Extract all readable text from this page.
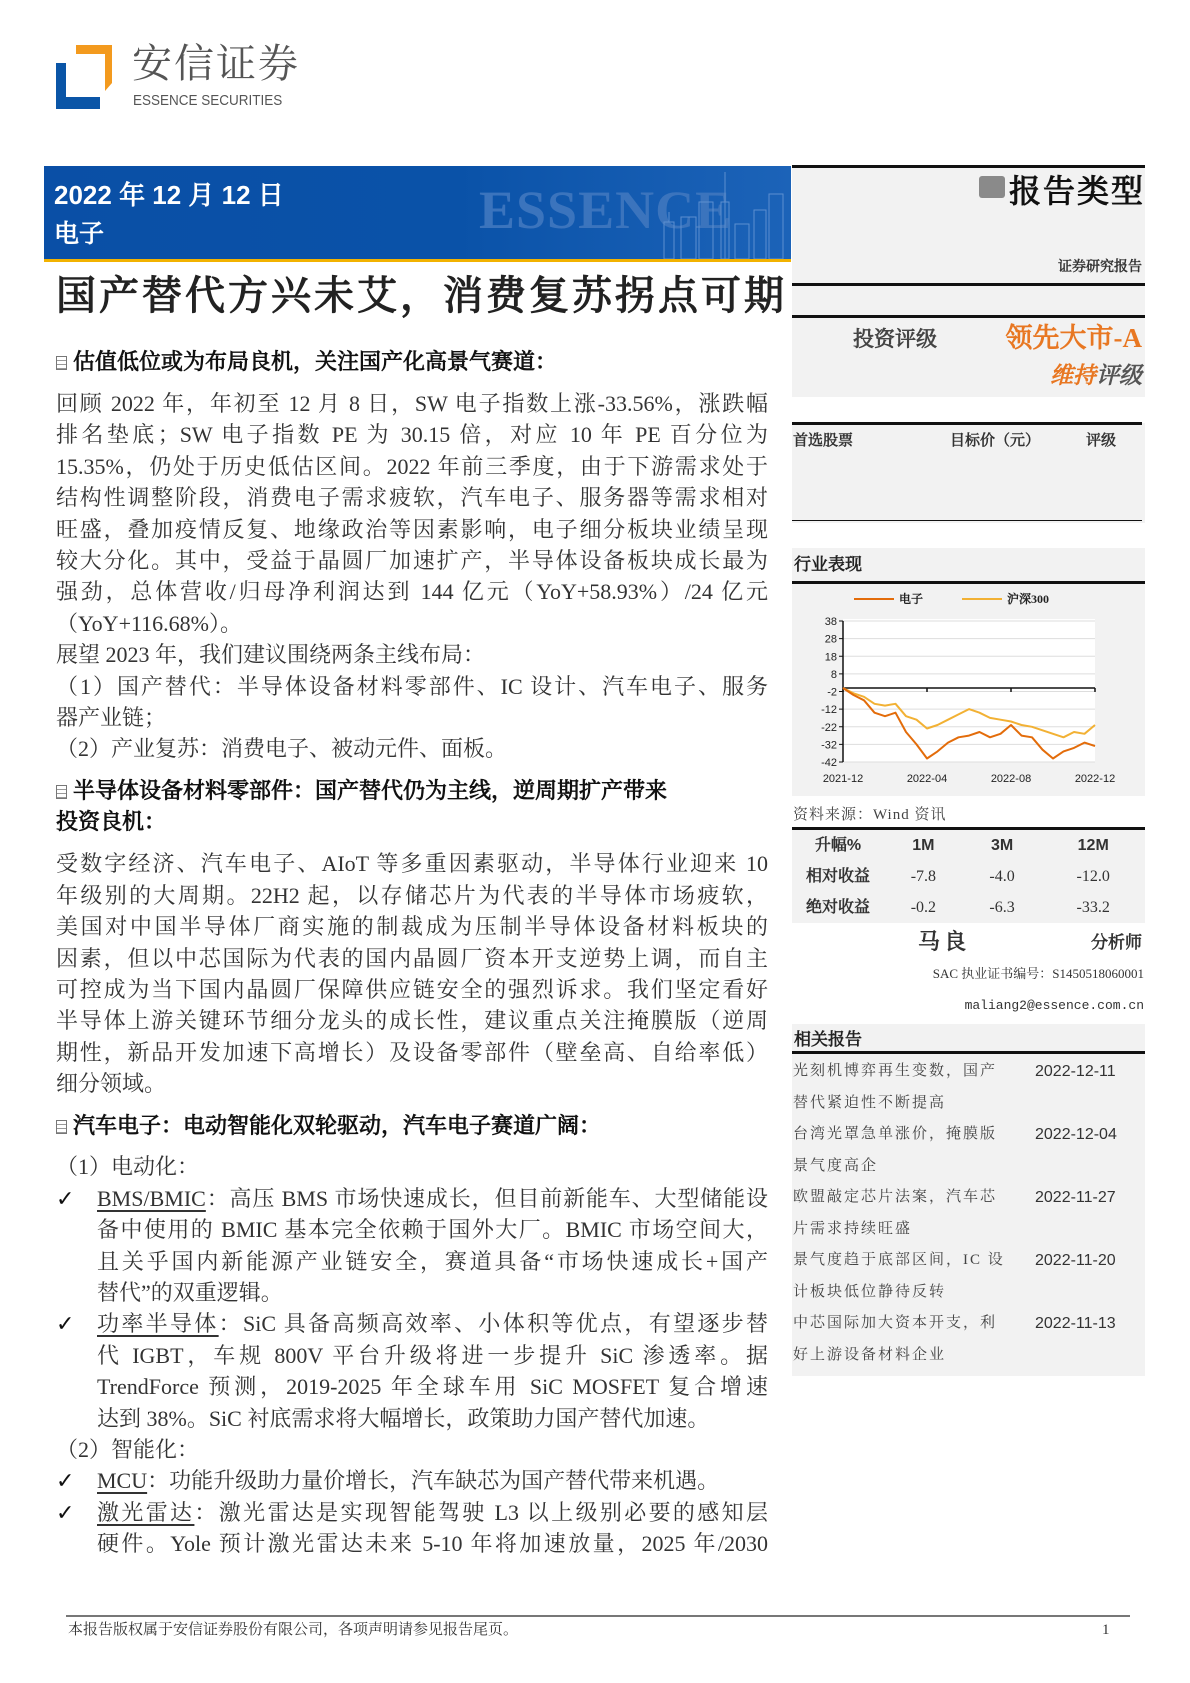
安信证券
ESSENCE SECURITIES
2022 年 12 月 12 日
电子	ESSENCE
国产替代方兴未艾，消费复苏拐点可期
估值低位或为布局良机，关注国产化高景气赛道：
回顾 2022 年，年初至 12 月 8 日，SW 电子指数上涨-33.56%，涨跌幅
排名垫底；SW 电子指数 PE 为 30.15 倍，对应 10 年 PE 百分位为
15.35%，仍处于历史低估区间。2022 年前三季度，由于下游需求处于
结构性调整阶段，消费电子需求疲软，汽车电子、服务器等需求相对
旺盛，叠加疫情反复、地缘政治等因素影响，电子细分板块业绩呈现
较大分化。其中，受益于晶圆厂加速扩产，半导体设备板块成长最为
强劲，总体营收/归母净利润达到 144 亿元（YoY+58.93%）/24 亿元
（YoY+116.68%）。
展望 2023 年，我们建议围绕两条主线布局：
（1）国产替代：半导体设备材料零部件、IC 设计、汽车电子、服务
器产业链；
（2）产业复苏：消费电子、被动元件、面板。
半导体设备材料零部件：国产替代仍为主线，逆周期扩产带来
投资良机：
受数字经济、汽车电子、AIoT 等多重因素驱动，半导体行业迎来 10
年级别的大周期。22H2 起，以存储芯片为代表的半导体市场疲软，
美国对中国半导体厂商实施的制裁成为压制半导体设备材料板块的
因素，但以中芯国际为代表的国内晶圆厂资本开支逆势上调，而自主
可控成为当下国内晶圆厂保障供应链安全的强烈诉求。我们坚定看好
半导体上游关键环节细分龙头的成长性，建议重点关注掩膜版（逆周
期性，新品开发加速下高增长）及设备零部件（壁垒高、自给率低）
细分领域。
汽车电子：电动智能化双轮驱动，汽车电子赛道广阔：
（1）电动化：
✓ BMS/BMIC：高压 BMS 市场快速成长，但目前新能车、大型储能设
备中使用的 BMIC 基本完全依赖于国外大厂。BMIC 市场空间大，
且关乎国内新能源产业链安全，赛道具备“市场快速成长+国产
替代”的双重逻辑。
✓ 功率半导体：SiC 具备高频高效率、小体积等优点，有望逐步替
代 IGBT，车规 800V 平台升级将进一步提升 SiC 渗透率。据
TrendForce 预测，2019-2025 年全球车用 SiC MOSFET 复合增速
达到 38%。SiC 衬底需求将大幅增长，政策助力国产替代加速。
（2）智能化：
✓ MCU：功能升级助力量价增长，汽车缺芯为国产替代带来机遇。
✓ 激光雷达：激光雷达是实现智能驾驶 L3 以上级别必要的感知层
硬件。Yole 预计激光雷达未来 5-10 年将加速放量，2025 年/2030
报告类型
证券研究报告
投资评级	领先大市-A
维持评级
首选股票	目标价（元）	评级
行业表现
38
28
18
8
-2
-12
-22
-32
-42
2021-12	2022-04	2022-08	2022-12
电子	沪深300
资料来源：Wind 资讯
升幅%	1M	3M	12M
相对收益	-7.8	-4.0	-12.0
绝对收益	-0.2	-6.3	-33.2
马良	分析师
SAC 执业证书编号：S1450518060001
maliang2@essence.com.cn
相关报告
光刻机博弈再生变数，国产	2022-12-11
替代紧迫性不断提高
台湾光罩急单涨价，掩膜版	2022-12-04
景气度高企
欧盟敲定芯片法案，汽车芯	2022-11-27
片需求持续旺盛
景气度趋于底部区间，IC 设 2022-11-20
计板块低位静待反转
中芯国际加大资本开支，利	2022-11-13
好上游设备材料企业
本报告版权属于安信证券股份有限公司，各项声明请参见报告尾页。	1
